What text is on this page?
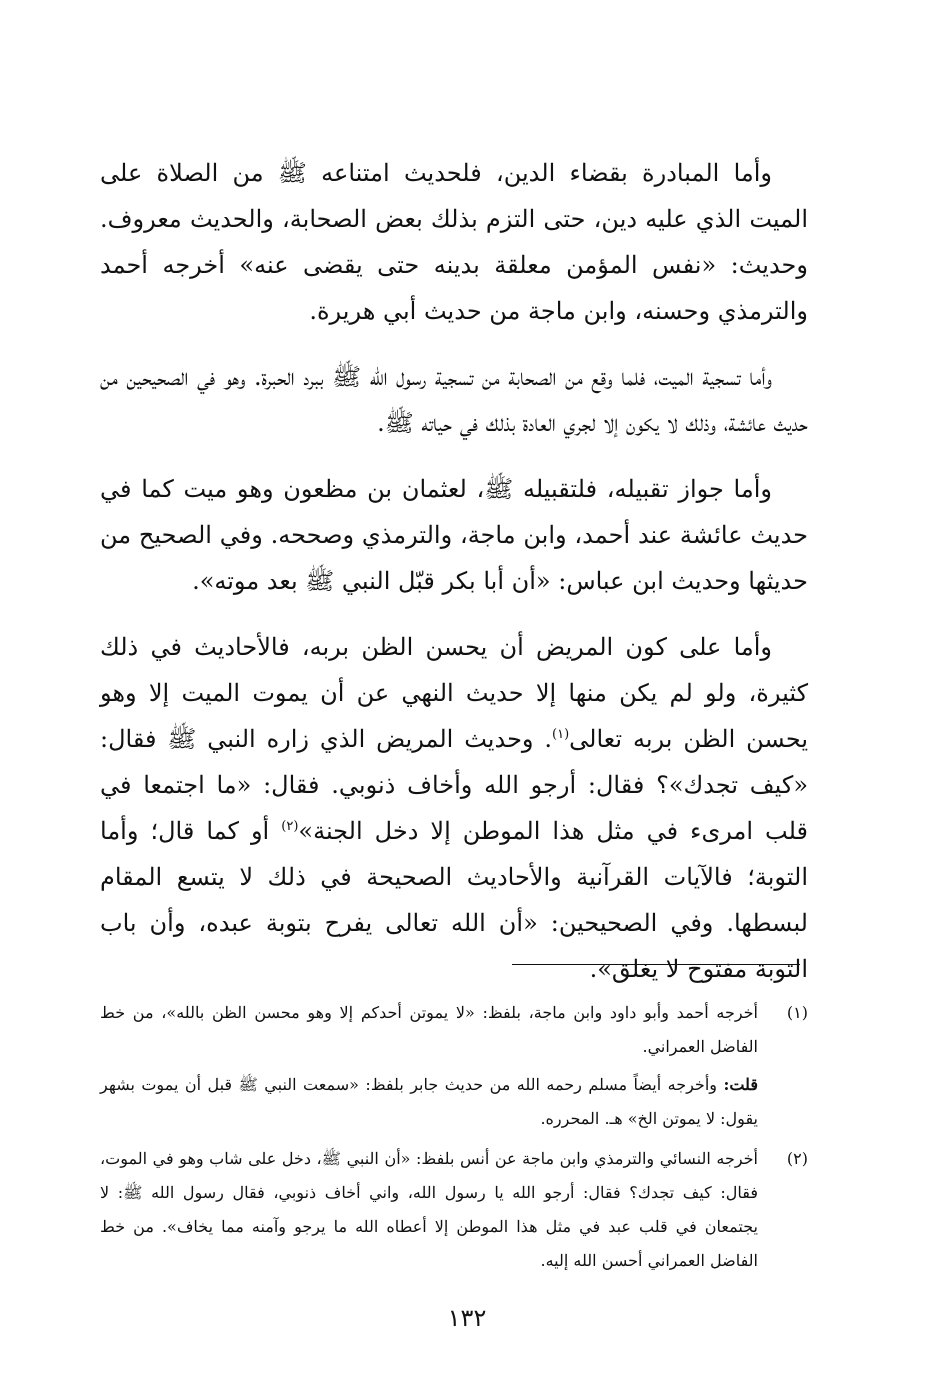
وأما المبادرة بقضاء الدين، فلحديث امتناعه ﷺ من الصلاة على الميت الذي عليه دين، حتى التزم بذلك بعض الصحابة، والحديث معروف. وحديث: «نفس المؤمن معلقة بدينه حتى يقضى عنه» أخرجه أحمد والترمذي وحسنه، وابن ماجة من حديث أبي هريرة.

وأما تسجية الميت، فلما وقع من الصحابة من تسجية رسول الله ﷺ ببرد الحبرة. وهو في الصحيحين من حديث عائشة، وذلك لا يكون إلا لجري العادة بذلك في حياته ﷺ.

وأما جواز تقبيله، فلتقبيله ﷺ، لعثمان بن مظعون وهو ميت كما في حديث عائشة عند أحمد، وابن ماجة، والترمذي وصححه. وفي الصحيح من حديثها وحديث ابن عباس: «أن أبا بكر قبّل النبي ﷺ بعد موته».

وأما على كون المريض أن يحسن الظن بربه، فالأحاديث في ذلك كثيرة، ولو لم يكن منها إلا حديث النهي عن أن يموت الميت إلا وهو يحسن الظن بربه تعالى$^{(١)}$. وحديث المريض الذي زاره النبي ﷺ فقال: «كيف تجدك»؟ فقال: أرجو الله وأخاف ذنوبي. فقال: «ما اجتمعا في قلب امرىء في مثل هذا الموطن إلا دخل الجنة»$^{(٢)}$ أو كما قال؛ وأما التوبة؛ فالآيات القرآنية والأحاديث الصحيحة في ذلك لا يتسع المقام لبسطها. وفي الصحيحين: «أن الله تعالى يفرح بتوبة عبده، وأن باب التوبة مفتوح لا يغلق».

(١)

أخرجه أحمد وأبو داود وابن ماجة، بلفظ: «لا يموتن أحدكم إلا وهو محسن الظن بالله»، من خط الفاضل العمراني.

قلت: وأخرجه أيضاً مسلم رحمه الله من حديث جابر بلفظ: «سمعت النبي ﷺ قبل أن يموت بشهر يقول: لا يموتن الخ» هـ. المحرره.

(٢)

أخرجه النسائي والترمذي وابن ماجة عن أنس بلفظ: «أن النبي ﷺ، دخل على شاب وهو في الموت، فقال: كيف تجدك؟ فقال: أرجو الله يا رسول الله، واني أخاف ذنوبي، فقال رسول الله ﷺ: لا يجتمعان في قلب عبد في مثل هذا الموطن إلا أعطاه الله ما يرجو وآمنه مما يخاف». من خط الفاضل العمراني أحسن الله إليه.

١٣٢
